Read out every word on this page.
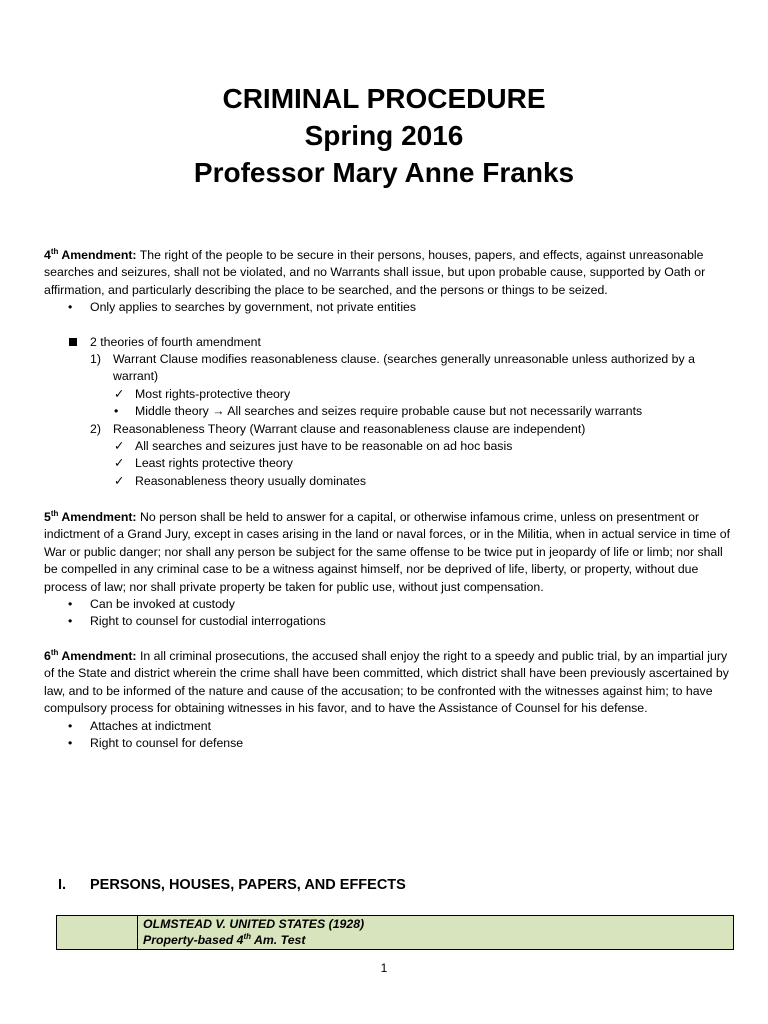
CRIMINAL PROCEDURE
Spring 2016
Professor Mary Anne Franks

4th Amendment: The right of the people to be secure in their persons, houses, papers, and effects, against unreasonable searches and seizures, shall not be violated, and no Warrants shall issue, but upon probable cause, supported by Oath or affirmation, and particularly describing the place to be searched, and the persons or things to be seized.

•	Only applies to searches by government, not private entities
2 theories of fourth amendment
1) Warrant Clause modifies reasonableness clause. (searches generally unreasonable unless authorized by a warrant)
✓ Most rights-protective theory
• Middle theory → All searches and seizes require probable cause but not necessarily warrants
2) Reasonableness Theory (Warrant clause and reasonableness clause are independent)
✓ All searches and seizures just have to be reasonable on ad hoc basis
✓ Least rights protective theory
✓ Reasonableness theory usually dominates

5th Amendment: No person shall be held to answer for a capital, or otherwise infamous crime, unless on presentment or indictment of a Grand Jury, except in cases arising in the land or naval forces, or in the Militia, when in actual service in time of War or public danger; nor shall any person be subject for the same offense to be twice put in jeopardy of life or limb; nor shall be compelled in any criminal case to be a witness against himself, nor be deprived of life, liberty, or property, without due process of law; nor shall private property be taken for public use, without just compensation.

•	Can be invoked at custody
•	Right to counsel for custodial interrogations

6th Amendment: In all criminal prosecutions, the accused shall enjoy the right to a speedy and public trial, by an impartial jury of the State and district wherein the crime shall have been committed, which district shall have been previously ascertained by law, and to be informed of the nature and cause of the accusation; to be confronted with the witnesses against him; to have compulsory process for obtaining witnesses in his favor, and to have the Assistance of Counsel for his defense.

•	Attaches at indictment
•	Right to counsel for defense
I. PERSONS, HOUSES, PAPERS, AND EFFECTS
OLMSTEAD V. UNITED STATES (1928)
Property-based 4th Am. Test
1
